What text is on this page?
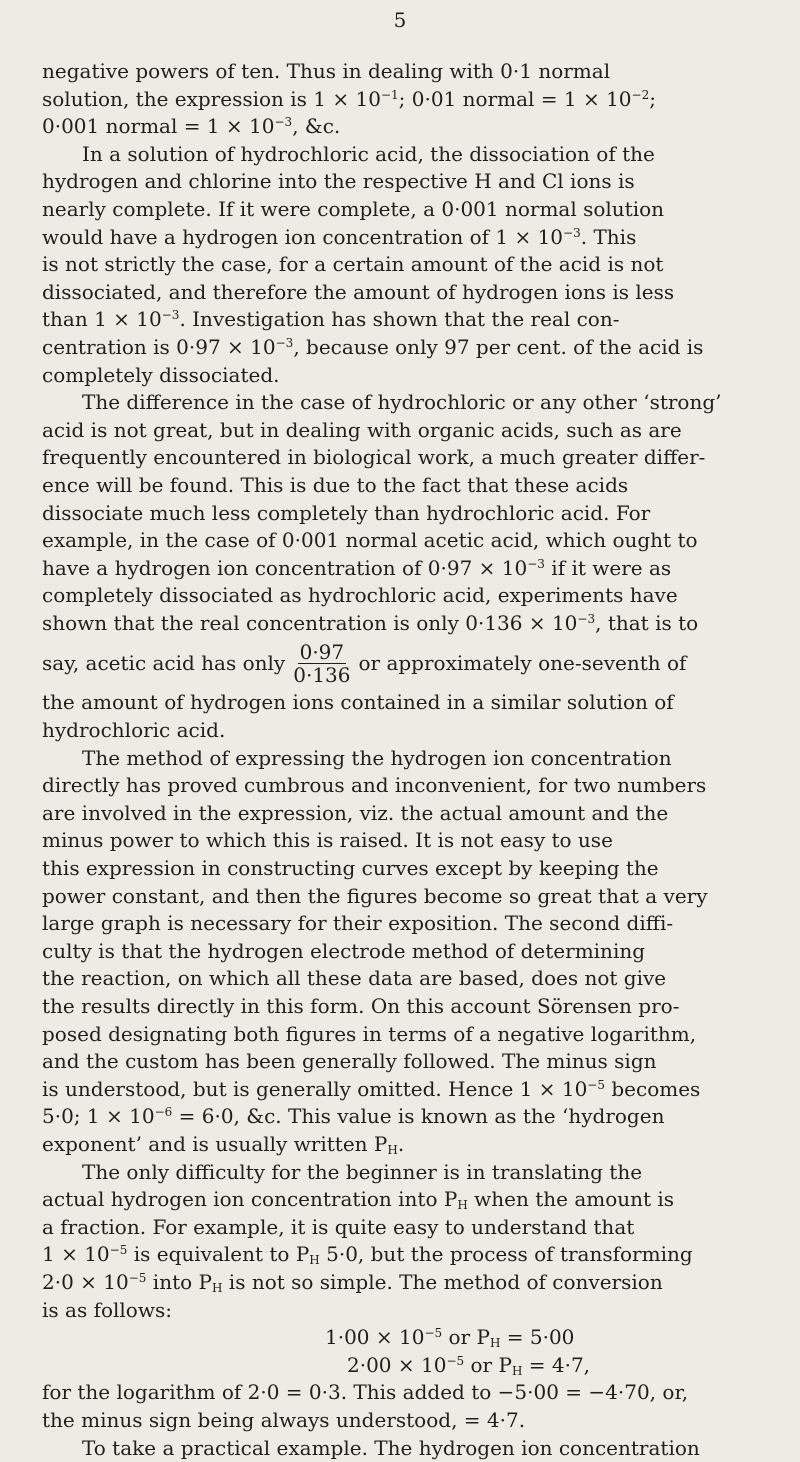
5

negative powers of ten. Thus in dealing with 0·1 normal
solution, the expression is $1 \times 10^{-1}$; 0·01 normal = $1 \times 10^{-2}$;
0·001 normal = $1 \times 10^{-3}$, &c.

In a solution of hydrochloric acid, the dissociation of the
hydrogen and chlorine into the respective H and Cl ions is
nearly complete. If it were complete, a 0·001 normal solution
would have a hydrogen ion concentration of $1 \times 10^{-3}$. This
is not strictly the case, for a certain amount of the acid is not
dissociated, and therefore the amount of hydrogen ions is less
than $1 \times 10^{-3}$. Investigation has shown that the real con-
centration is $0\cdot 97 \times 10^{-3}$, because only 97 per cent. of the acid is
completely dissociated.

The difference in the case of hydrochloric or any other ‘strong’
acid is not great, but in dealing with organic acids, such as are
frequently encountered in biological work, a much greater differ-
ence will be found. This is due to the fact that these acids
dissociate much less completely than hydrochloric acid. For
example, in the case of 0·001 normal acetic acid, which ought to
have a hydrogen ion concentration of $0\cdot 97 \times 10^{-3}$ if it were as
completely dissociated as hydrochloric acid, experiments have
shown that the real concentration is only $0\cdot 136 \times 10^{-3}$, that is to

say, acetic acid has only $\frac{0\cdot 97}{0\cdot 136}$ or approximately one-seventh of

the amount of hydrogen ions contained in a similar solution of
hydrochloric acid.

The method of expressing the hydrogen ion concentration
directly has proved cumbrous and inconvenient, for two numbers
are involved in the expression, viz. the actual amount and the
minus power to which this is raised. It is not easy to use
this expression in constructing curves except by keeping the
power constant, and then the figures become so great that a very
large graph is necessary for their exposition. The second diffi-
culty is that the hydrogen electrode method of determining
the reaction, on which all these data are based, does not give
the results directly in this form. On this account Sörensen pro-
posed designating both figures in terms of a negative logarithm,
and the custom has been generally followed. The minus sign
is understood, but is generally omitted. Hence $1 \times 10^{-5}$ becomes
5·0; $1 \times 10^{-6} = 6\cdot 0$, &c. This value is known as the ‘hydrogen
exponent’ and is usually written $P_H$.

The only difficulty for the beginner is in translating the
actual hydrogen ion concentration into $P_H$ when the amount is
a fraction. For example, it is quite easy to understand that
$1 \times 10^{-5}$ is equivalent to $P_H$ 5·0, but the process of transforming
$2\cdot 0 \times 10^{-5}$ into $P_H$ is not so simple. The method of conversion
is as follows:

$1\cdot 00 \times 10^{-5}$ or $P_H = 5\cdot 00$

$2\cdot 00 \times 10^{-5}$ or $P_H = 4\cdot 7$,

for the logarithm of 2·0 = 0·3. This added to −5·00 = −4·70, or,
the minus sign being always understood, = 4·7.

To take a practical example. The hydrogen ion concentration
